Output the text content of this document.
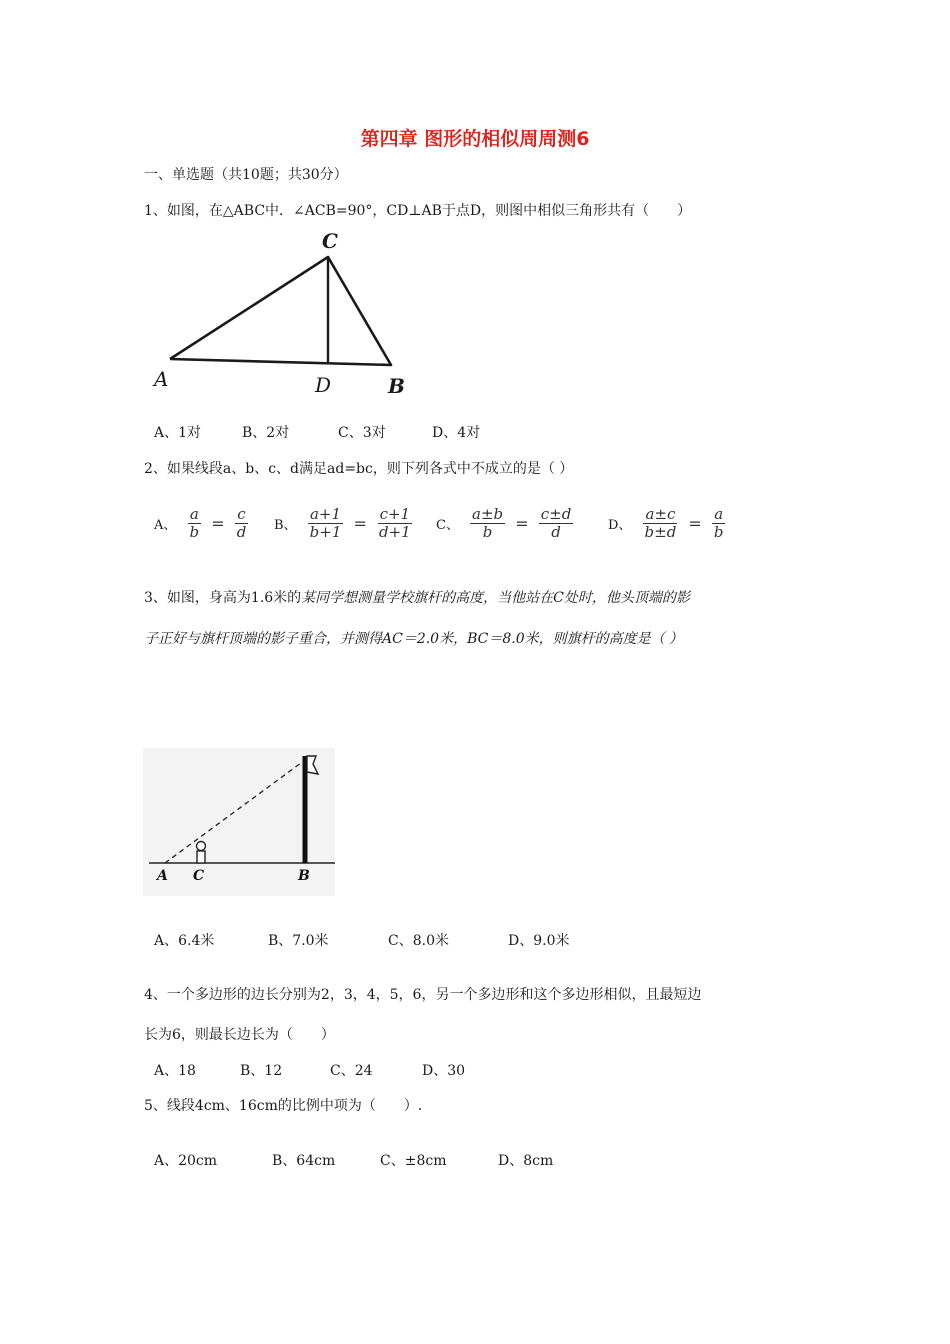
第四章 图形的相似周周测6
一、单选题（共10题；共30分）
1、如图，在△ABC中．∠ACB=90°，CD⊥AB于点D，则图中相似三角形共有（　　）
C
A	D	B
A、1对	B、2对	C、3对	D、4对
2、如果线段a、b、c、d满足ad=bc，则下列各式中不成立的是（ ）
A、 $\frac{a}{b} = \frac{c}{d}$ B、 $\frac{a+1}{b+1} = \frac{c+1}{d+1}$ C、 $\frac{a\pm b}{b} = \frac{c\pm d}{d}$	D、 $\frac{a\pm c}{b\pm d} = \frac{a}{b}$
3、如图，身高为1.6米的某同学想测量学校旗杆的高度，当他站在C处时，他头顶端的影
子正好与旗杆顶端的影子重合，并测得AC＝2.0米，BC＝8.0米，则旗杆的高度是（ ）
A C	B
A、6.4米	B、7.0米	C、8.0米	D、9.0米
4、一个多边形的边长分别为2，3，4，5，6，另一个多边形和这个多边形相似，且最短边
长为6，则最长边长为（　　）
A、18	B、12	C、24	D、30
5、线段4cm、16cm的比例中项为（　　）.
A、20cm	B、64cm	C、±8cm	D、8cm
